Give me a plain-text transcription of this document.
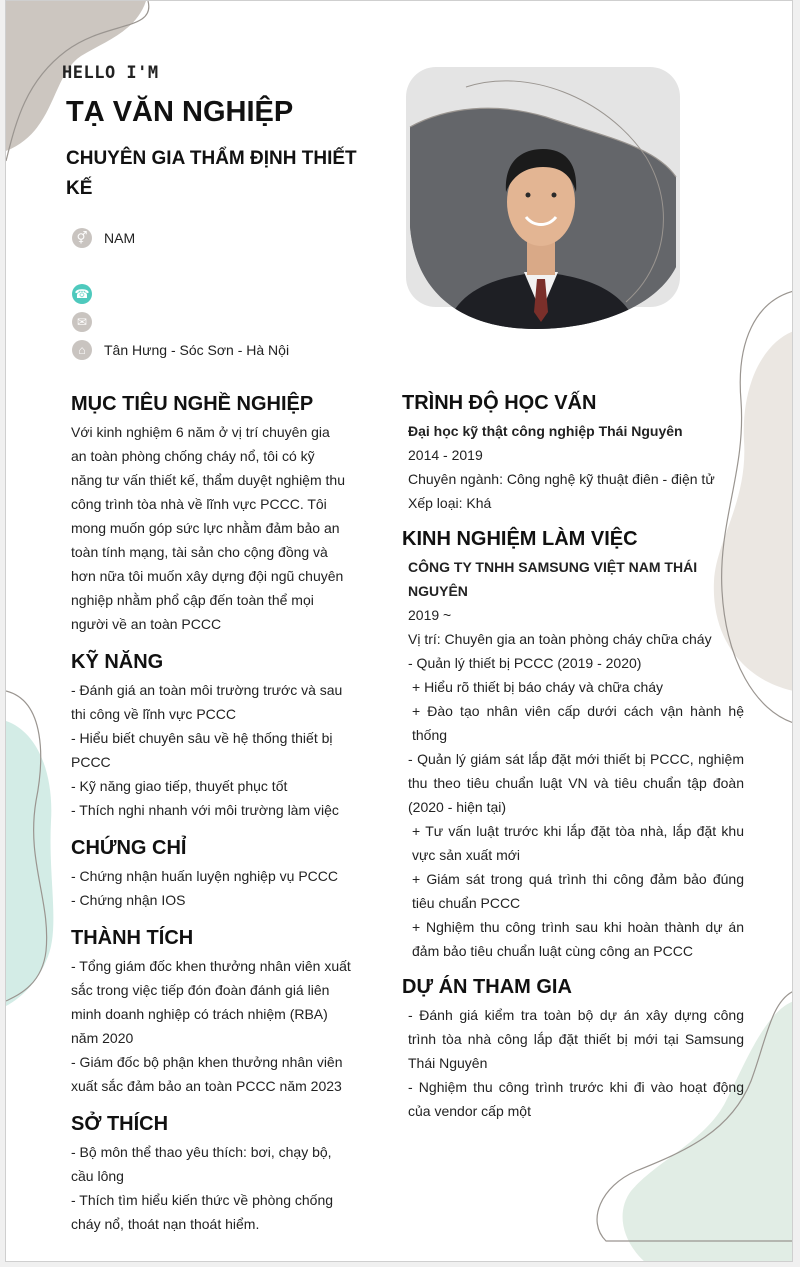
HELLO I'M
TẠ VĂN NGHIỆP
CHUYÊN GIA THẨM ĐỊNH THIẾT KẾ
⚥	NAM
☎
✉
⌂	Tân Hưng - Sóc Sơn - Hà Nội
MỤC TIÊU NGHỀ NGHIỆP

Với kinh nghiệm 6 năm ở vị trí chuyên gia an toàn phòng chống cháy nổ, tôi có kỹ năng tư vấn thiết kế, thẩm duyệt nghiệm thu công trình tòa nhà về lĩnh vực PCCC. Tôi mong muốn góp sức lực nhằm đảm bảo an toàn tính mạng, tài sản cho cộng đồng và hơn nữa tôi muốn xây dựng đội ngũ chuyên nghiệp nhằm phổ cập đến toàn thể mọi người về an toàn PCCC

KỸ NĂNG

- Đánh giá an toàn môi trường trước và sau thi công về lĩnh vực PCCC

- Hiểu biết chuyên sâu về hệ thống thiết bị PCCC

- Kỹ năng giao tiếp, thuyết phục tốt

- Thích nghi nhanh với môi trường làm việc

CHỨNG CHỈ

- Chứng nhận huấn luyện nghiệp vụ PCCC

- Chứng nhận IOS

THÀNH TÍCH

- Tổng giám đốc khen thưởng nhân viên xuất sắc trong việc tiếp đón đoàn đánh giá liên minh doanh nghiệp có trách nhiệm (RBA) năm 2020

- Giám đốc bộ phận khen thưởng nhân viên xuất sắc đảm bảo an toàn PCCC năm 2023

SỞ THÍCH

- Bộ môn thể thao yêu thích: bơi, chạy bộ, cầu lông

- Thích tìm hiểu kiến thức về phòng chống cháy nổ, thoát nạn thoát hiểm.

TRÌNH ĐỘ HỌC VẤN

Đại học kỹ thật công nghiệp Thái Nguyên

2014 - 2019

Chuyên ngành: Công nghệ kỹ thuật điên - điện tử

Xếp loại: Khá

KINH NGHIỆM LÀM VIỆC

CÔNG TY TNHH SAMSUNG VIỆT NAM THÁI NGUYÊN

2019 ~

Vị trí: Chuyên gia an toàn phòng cháy chữa cháy

- Quản lý thiết bị PCCC (2019 - 2020)

+ Hiểu rõ thiết bị báo cháy và chữa cháy

+ Đào tạo nhân viên cấp dưới cách vận hành hệ thống

- Quản lý giám sát lắp đặt mới thiết bị PCCC, nghiệm thu theo tiêu chuẩn luật VN và tiêu chuẩn tập đoàn (2020 - hiện tại)

+ Tư vấn luật trước khi lắp đặt tòa nhà, lắp đặt khu vực sản xuất mới

+ Giám sát trong quá trình thi công đảm bảo đúng tiêu chuẩn PCCC

+ Nghiệm thu công trình sau khi hoàn thành dự án đảm bảo tiêu chuẩn luật cùng công an PCCC

DỰ ÁN THAM GIA

- Đánh giá kiểm tra toàn bộ dự án xây dựng công trình tòa nhà công lắp đặt thiết bị mới tại Samsung Thái Nguyên

- Nghiệm thu công trình trước khi đi vào hoạt động của vendor cấp một
